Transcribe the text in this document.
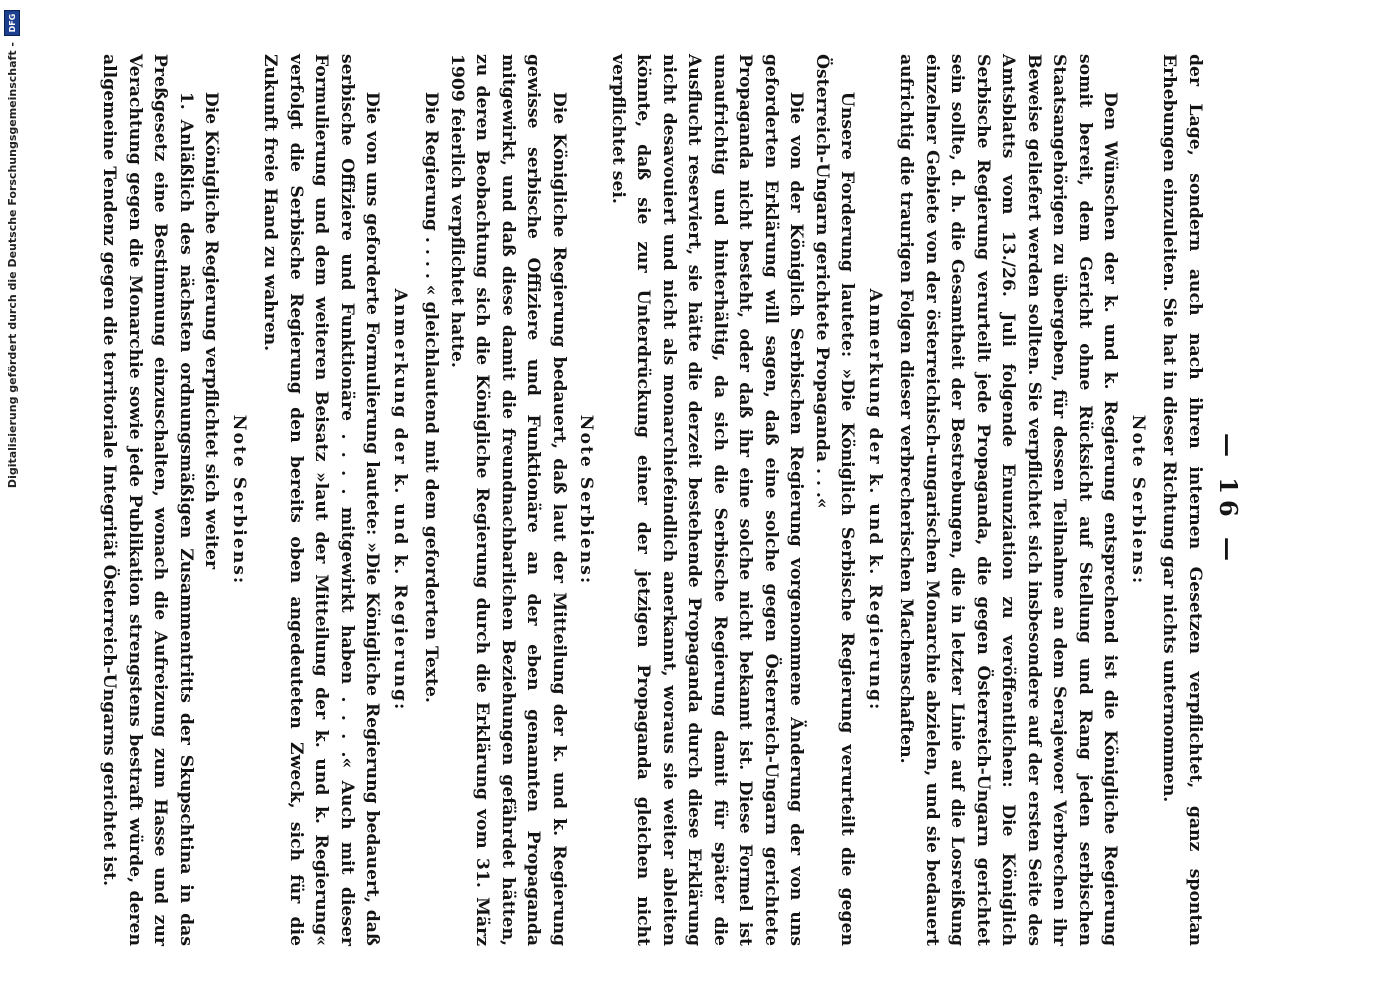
Digitalisierung gefördert durch die Deutsche Forschungsgemeinschaft -
DFG
— 16 —

der Lage, sondern auch nach ihren internen Gesetzen verpflichtet, ganz spontan Erhebungen einzuleiten. Sie hat in dieser Richtung gar nichts unternommen.

Note Serbiens:

Den Wünschen der k. und k. Regierung entsprechend ist die Königliche Regierung somit bereit, dem Gericht ohne Rücksicht auf Stellung und Rang jeden serbischen Staatsangehörigen zu übergeben, für dessen Teilnahme an dem Serajewoer Verbrechen ihr Beweise geliefert werden sollten. Sie verpflichtet sich insbesondere auf der ersten Seite des Amtsblatts vom 13./26. Juli folgende Enunziation zu veröffentlichen: Die Königlich Serbische Regierung verurteilt jede Propaganda, die gegen Österreich-Ungarn gerichtet sein sollte, d. h. die Gesamtheit der Bestrebungen, die in letzter Linie auf die Losreißung einzelner Gebiete von der österreichisch-ungarischen Monarchie abzielen, und sie bedauert aufrichtig die traurigen Folgen dieser verbrecherischen Machenschaften.

Anmerkung der k. und k. Regierung:

Unsere Forderung lautete: »Die Königlich Serbische Regierung verurteilt die gegen Österreich-Ungarn gerichtete Propaganda . . .«

Die von der Königlich Serbischen Regierung vorgenommene Änderung der von uns geforderten Erklärung will sagen, daß eine solche gegen Österreich-Ungarn gerichtete Propaganda nicht besteht, oder daß ihr eine solche nicht bekannt ist. Diese Formel ist unaufrichtig und hinterhältig, da sich die Serbische Regierung damit für später die Ausflucht reserviert, sie hätte die derzeit bestehende Propaganda durch diese Erklärung nicht desavouiert und nicht als monarchiefeindlich anerkannt, woraus sie weiter ableiten könnte, daß sie zur Unterdrückung einer der jetzigen Propaganda gleichen nicht verpflichtet sei.

Note Serbiens:

Die Königliche Regierung bedauert, daß laut der Mitteilung der k. und k. Regierung gewisse serbische Offiziere und Funktionäre an der eben genannten Propaganda mitgewirkt, und daß diese damit die freundnachbarlichen Beziehungen gefährdet hätten, zu deren Beobachtung sich die Königliche Regierung durch die Erklärung vom 31. März 1909 feierlich verpflichtet hatte.

Die Regierung . . . . « gleichlautend mit dem geforderten Texte.

Anmerkung der k. und k. Regierung:

Die von uns geforderte Formulierung lautete: »Die Königliche Regierung bedauert, daß serbische Offiziere und Funktionäre . . . . mitgewirkt haben . . . .« Auch mit dieser Formulierung und dem weiteren Beisatz »laut der Mitteilung der k. und k. Regierung« verfolgt die Serbische Regierung den bereits oben angedeuteten Zweck, sich für die Zukunft freie Hand zu wahren.

Note Serbiens:

Die Königliche Regierung verpflichtet sich weiter

1. Anläßlich des nächsten ordnungsmäßigen Zusammentritts der Skupschtina in das Preßgesetz eine Bestimmung einzuschalten, wonach die Aufreizung zum Hasse und zur Verachtung gegen die Monarchie sowie jede Publikation strengstens bestraft würde, deren allgemeine Tendenz gegen die territoriale Integrität Österreich-Ungarns gerichtet ist.
